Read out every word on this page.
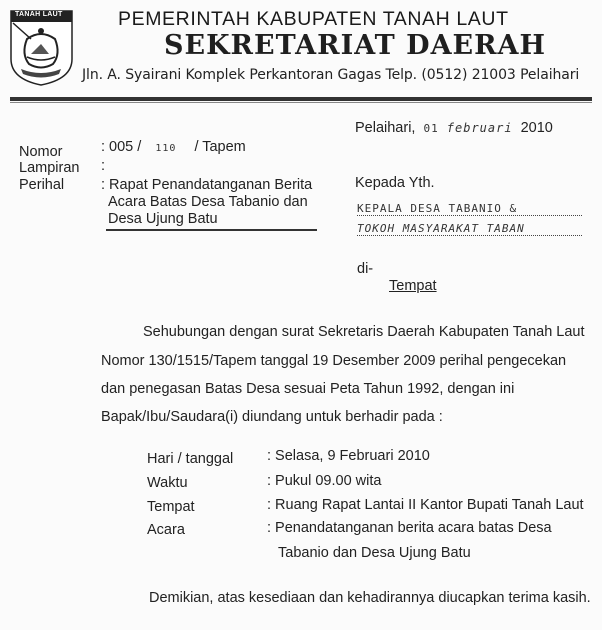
TANAH LAUT	PEMERINTAH KABUPATEN TANAH LAUT
SEKRETARIAT DAERAH
Jln. A. Syairani Komplek Perkantoran Gagas Telp. (0512) 21003 Pelaihari
Nomor	: 005 / 110 / Tapem
Lampiran :
Perihal	: Rapat Penandatanganan Berita
Acara Batas Desa Tabanio dan
Desa Ujung Batu
Pelaihari, 01 februari 2010
Kepada Yth.
KEPALA DESA TABANIO &
TOKOH MASYARAKAT TABAN
di-
Tempat
Sehubungan dengan surat Sekretaris Daerah Kabupaten Tanah Laut
Nomor 130/1515/Tapem tanggal 19 Desember 2009 perihal pengecekan
dan penegasan Batas Desa sesuai Peta Tahun 1992, dengan ini
Bapak/Ibu/Saudara(i) diundang untuk berhadir pada :
Hari / tanggal : Selasa, 9 Februari 2010
Waktu	: Pukul 09.00 wita
Tempat	: Ruang Rapat Lantai II Kantor Bupati Tanah Laut
Acara	: Penandatanganan berita acara batas Desa
Tabanio dan Desa Ujung Batu
Demikian, atas kesediaan dan kehadirannya diucapkan terima kasih.
